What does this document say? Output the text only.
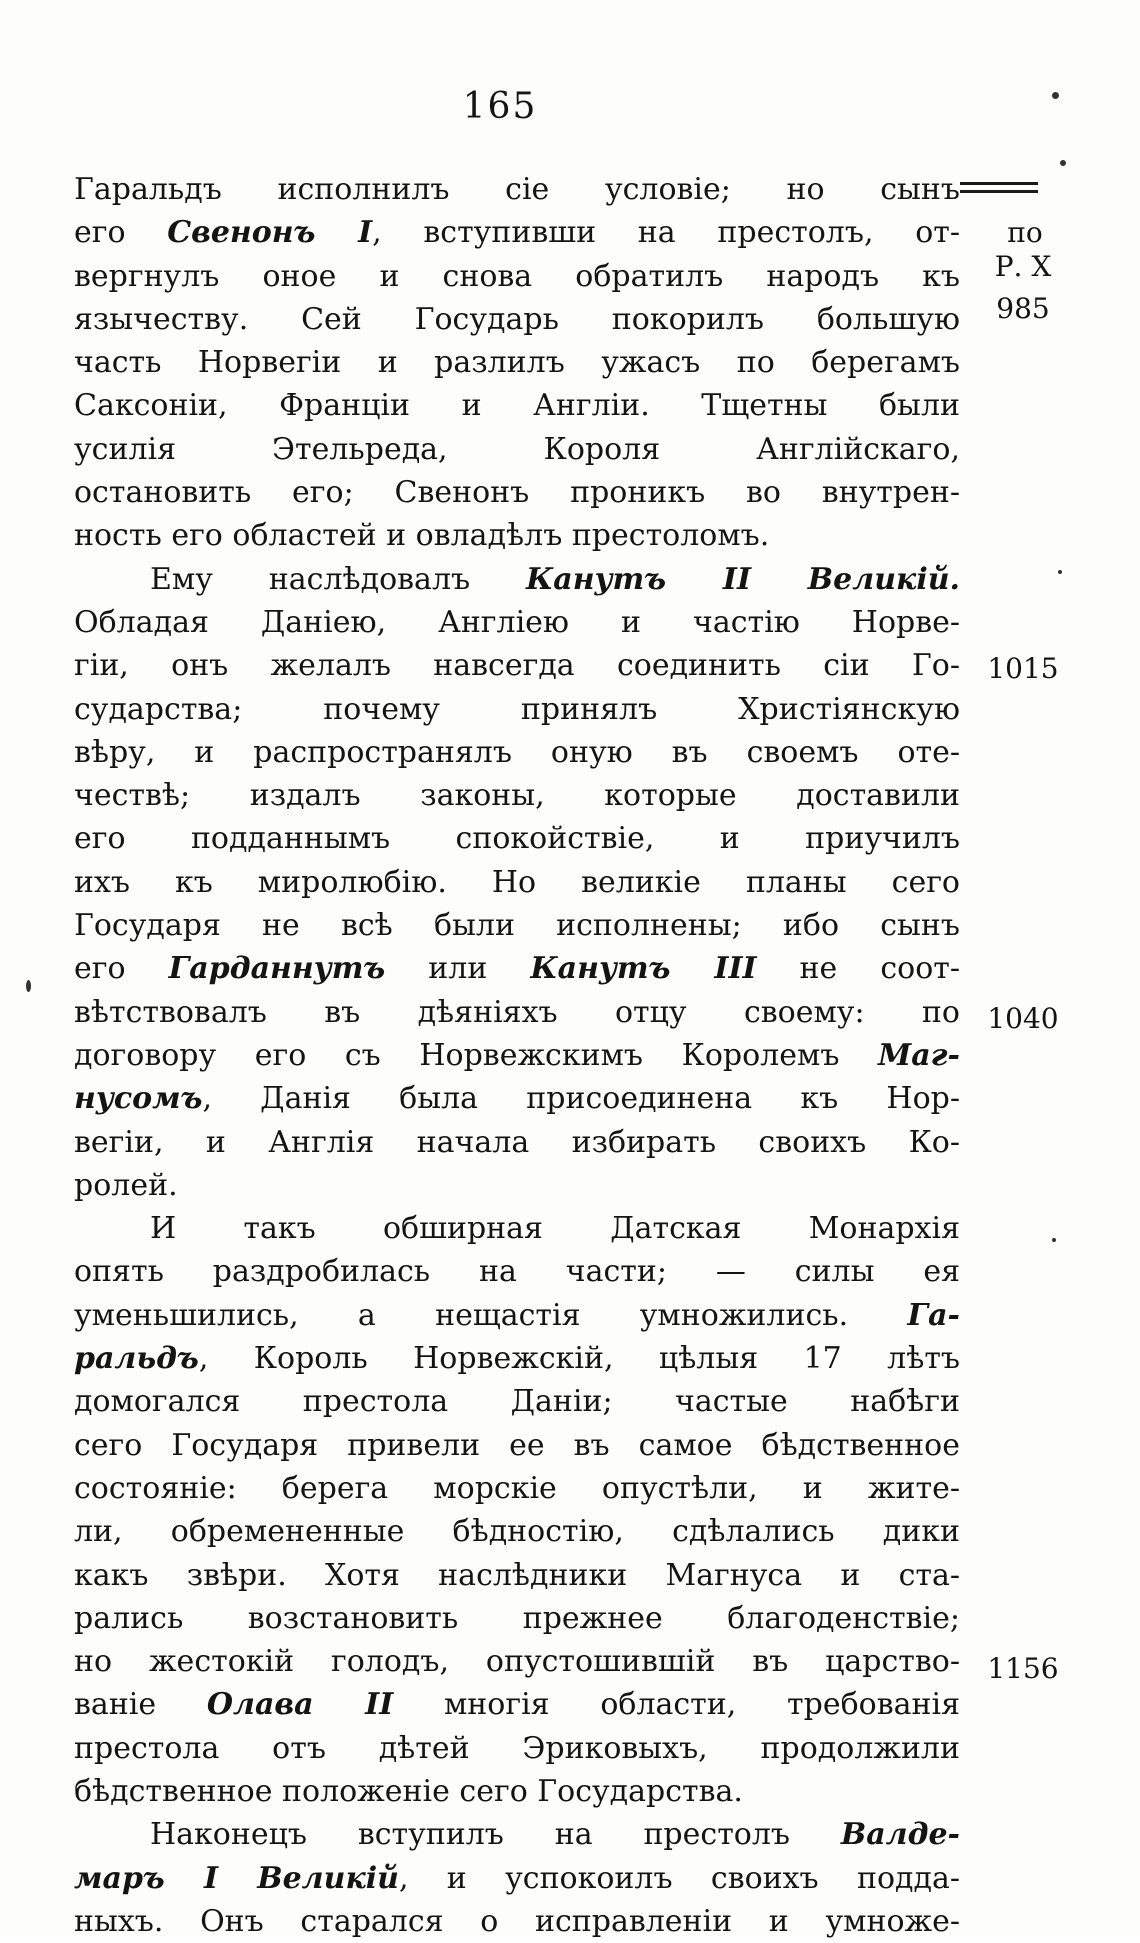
165
по
Р. Х
985
1015
1040
1156
Гаральдъ исполнилъ сіе условіе; но сынъ
его Свенонъ I, вступивши на престолъ, от-
вергнулъ оное и снова обратилъ народъ къ
язычеству. Сей Государь покорилъ большую
часть Норвегіи и разлилъ ужасъ по берегамъ
Саксоніи, Франціи и Англіи. Тщетны были
усилія Этельреда, Короля Англійскаго,
остановить его; Свенонъ проникъ во внутрен-
ность его областей и овладѣлъ престоломъ.
Ему наслѣдовалъ Канутъ II Великій.
Обладая Даніею, Англіею и частію Норве-
гіи, онъ желалъ навсегда соединить сіи Го-
сударства; почему принялъ Христіянскую
вѣру, и распространялъ оную въ своемъ оте-
чествѣ; издалъ законы, которые доставили
его подданнымъ спокойствіе, и приучилъ
ихъ къ миролюбію. Но великіе планы сего
Государя не всѣ были исполнены; ибо сынъ
его Гарданнутъ или Канутъ III не соот-
вѣтствовалъ въ дѣяніяхъ отцу своему: по
договору его съ Норвежскимъ Королемъ Маг-
нусомъ, Данія была присоединена къ Нор-
вегіи, и Англія начала избирать своихъ Ко-
ролей.
И такъ обширная Датская Монархія
опять раздробилась на части; — силы ея
уменьшились, а нещастія умножились. Га-
ральдъ, Король Норвежскій, цѣлыя 17 лѣтъ
домогался престола Даніи; частые набѣги
сего Государя привели ее въ самое бѣдственное
состояніе: берега морскіе опустѣли, и жите-
ли, обремененные бѣдностію, сдѣлались дики
какъ звѣри. Хотя наслѣдники Магнуса и ста-
рались возстановить прежнее благоденствіе;
но жестокій голодъ, опустошившій въ царство-
ваніе Олава II многія области, требованія
престола отъ дѣтей Эриковыхъ, продолжили
бѣдственное положеніе сего Государства.
Наконецъ вступилъ на престолъ Валде-
маръ I Великій, и успокоилъ своихъ подда-
ныхъ. Онъ старался о исправленіи и умноже-
